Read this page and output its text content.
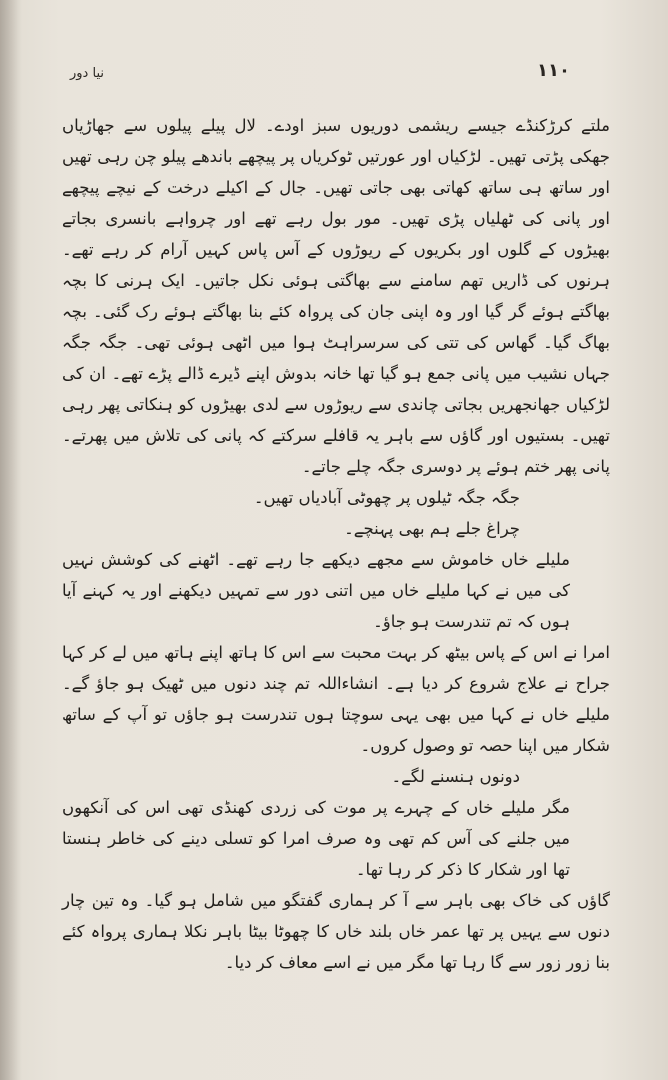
نیا دور	۱۱۰

ملتے کرڑکنڈے جیسے ریشمی دوریوں سبز اودے۔ لال پیلے پیلوں سے جھاڑیاں جھکی پڑتی تھیں۔ لڑکیاں اور عورتیں ٹوکریاں پر پیچھے باندھے پیلو چن رہی تھیں اور ساتھ ہی ساتھ کھاتی بھی جاتی تھیں۔ جال کے اکیلے درخت کے نیچے پیچھے اور پانی کی ٹھلیاں پڑی تھیں۔ مور بول رہے تھے اور چرواہے بانسری بجاتے بھیڑوں کے گلوں اور بکریوں کے ریوڑوں کے آس پاس کہیں آرام کر رہے تھے۔ ہرنوں کی ڈاریں تھم سامنے سے بھاگتی ہوئی نکل جاتیں۔ ایک ہرنی کا بچہ بھاگتے ہوئے گر گیا اور وہ اپنی جان کی پرواہ کئے بنا بھاگتے ہوئے رک گئی۔ بچہ بھاگ گیا۔ گھاس کی تتی کی سرسراہٹ ہوا میں اٹھی ہوئی تھی۔ جگہ جگہ جہاں نشیب میں پانی جمع ہو گیا تھا خانہ بدوش اپنے ڈیرے ڈالے پڑے تھے۔ ان کی لڑکیاں جھانجھریں بجاتی چاندی سے ریوڑوں سے لدی بھیڑوں کو ہنکاتی پھر رہی تھیں۔ بستیوں اور گاؤں سے باہر یہ قافلے سرکتے کہ پانی کی تلاش میں پھرتے۔ پانی پھر ختم ہوئے پر دوسری جگہ چلے جاتے۔

جگہ جگہ ٹیلوں پر چھوٹی آبادیاں تھیں۔

چراغ جلے ہم بھی پہنچے۔

ملیلے خاں خاموش سے مجھے دیکھے جا رہے تھے۔ اٹھنے کی کوشش نہیں کی میں نے کہا ملیلے خاں میں اتنی دور سے تمہیں دیکھنے اور یہ کہنے آیا ہوں کہ تم تندرست ہو جاؤ۔

امرا نے اس کے پاس بیٹھ کر بہت محبت سے اس کا ہاتھ اپنے ہاتھ میں لے کر کہا جراح نے علاج شروع کر دیا ہے۔ انشاءاللہ تم چند دنوں میں ٹھیک ہو جاؤ گے۔ ملیلے خاں نے کہا میں بھی یہی سوچتا ہوں تندرست ہو جاؤں تو آپ کے ساتھ شکار میں اپنا حصہ تو وصول کروں۔

دونوں ہنسنے لگے۔

مگر ملیلے خاں کے چہرے پر موت کی زردی کھنڈی تھی اس کی آنکھوں میں جلنے کی آس کم تھی وہ صرف امرا کو تسلی دینے کی خاطر ہنستا تھا اور شکار کا ذکر کر رہا تھا۔

گاؤں کی خاک بھی باہر سے آ کر ہماری گفتگو میں شامل ہو گیا۔ وہ تین چار دنوں سے یہیں پر تھا عمر خاں بلند خاں کا چھوٹا بیٹا باہر نکلا ہماری پرواہ کئے بنا زور زور سے گا رہا تھا مگر میں نے اسے معاف کر دیا۔
